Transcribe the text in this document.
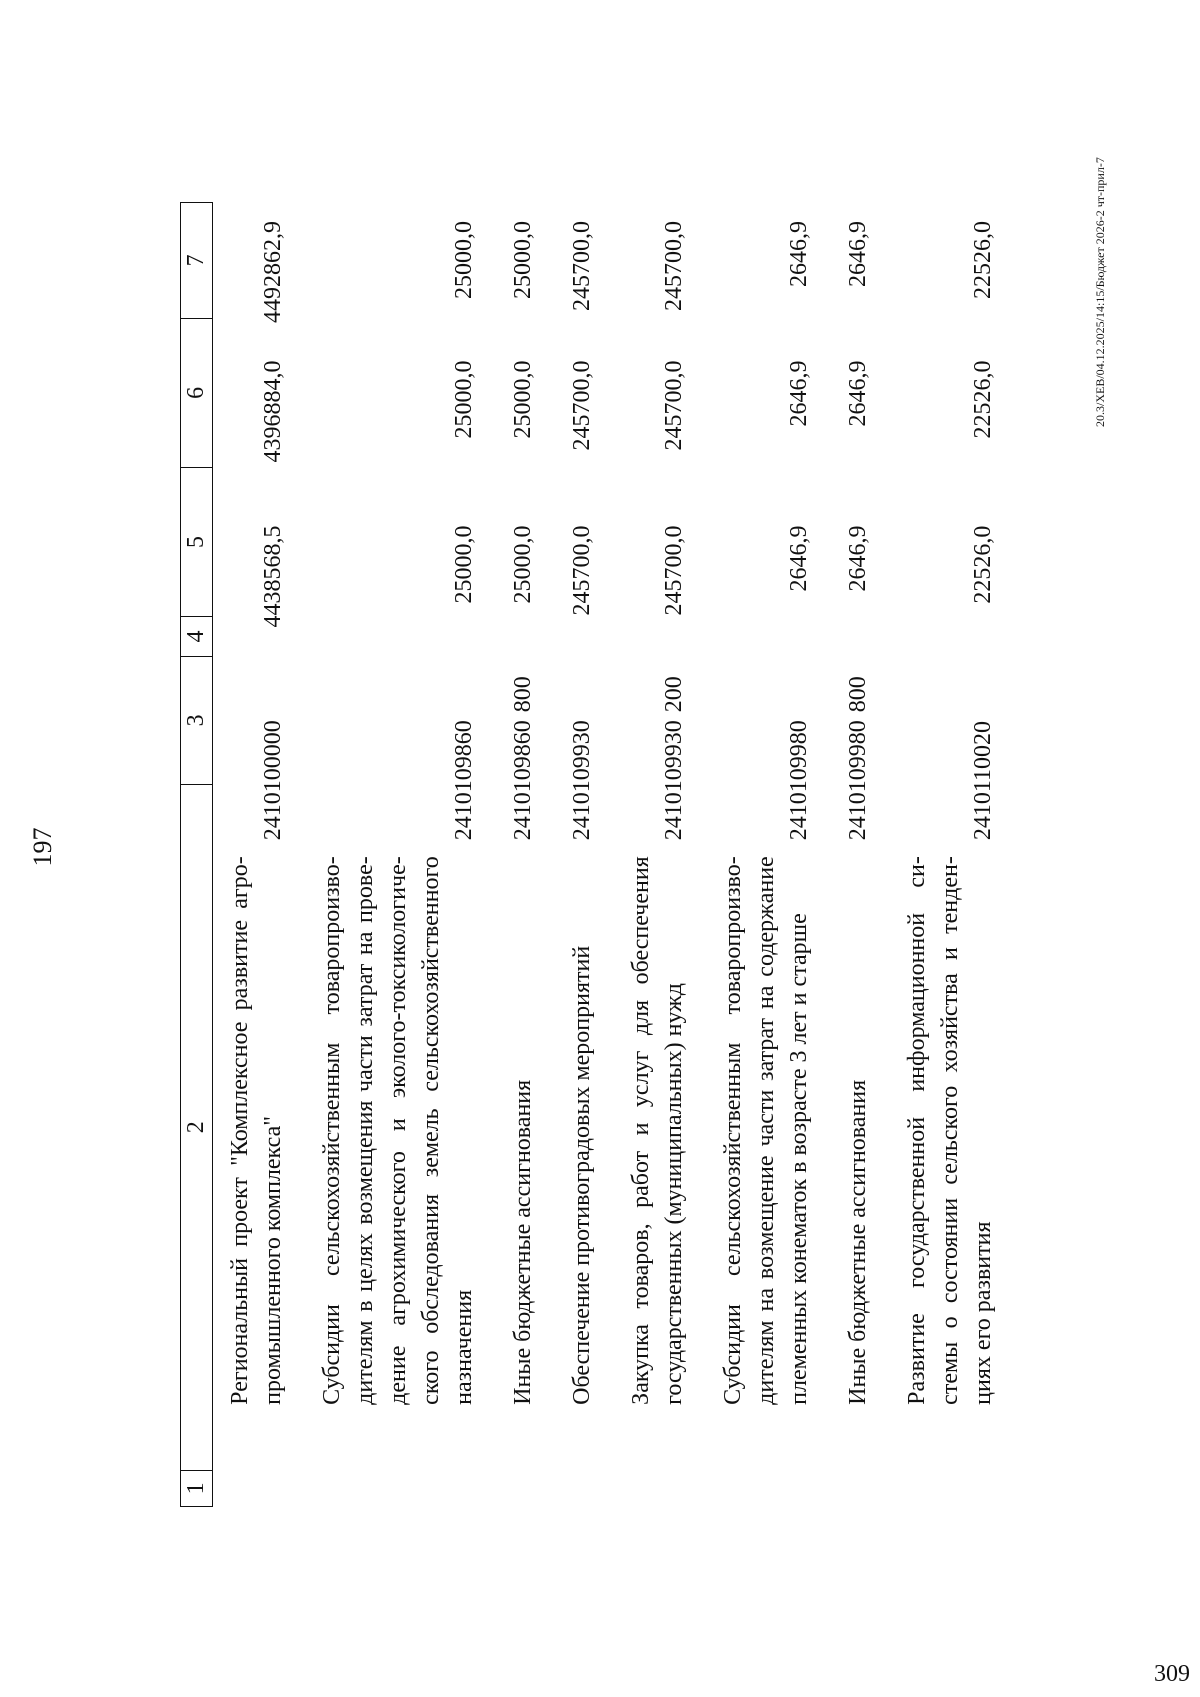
197
1
2
3
4
5
6
7
Региональный проект "Комплексное развитие агро-промышленного комплекса"
2410100000
4438568,5
4396884,0
4492862,9
Субсидии сельскохозяйственным товаропроизво-дителям в целях возмещения части затрат на прове-дение агрохимического и эколого-токсикологиче-ского обследования земель сельскохозяйственного назначения
2410109860
25000,0
25000,0
25000,0
Иные бюджетные ассигнования
2410109860
800
25000,0
25000,0
25000,0
Обеспечение противоградовых мероприятий
2410109930
245700,0
245700,0
245700,0
Закупка товаров, работ и услуг для обеспечения государственных (муниципальных) нужд
2410109930
200
245700,0
245700,0
245700,0
Субсидии сельскохозяйственным товаропроизво-дителям на возмещение части затрат на содержание племенных конематок в возрасте 3 лет и старше
2410109980
2646,9
2646,9
2646,9
Иные бюджетные ассигнования
2410109980
800
2646,9
2646,9
2646,9
Развитие государственной информационной си-стемы о состоянии сельского хозяйства и тенден-циях его развития
2410110020
22526,0
22526,0
22526,0	20.3/XEB/04.12.2025/14:15/Бюджет 2026-2 чт-прил-7
309
